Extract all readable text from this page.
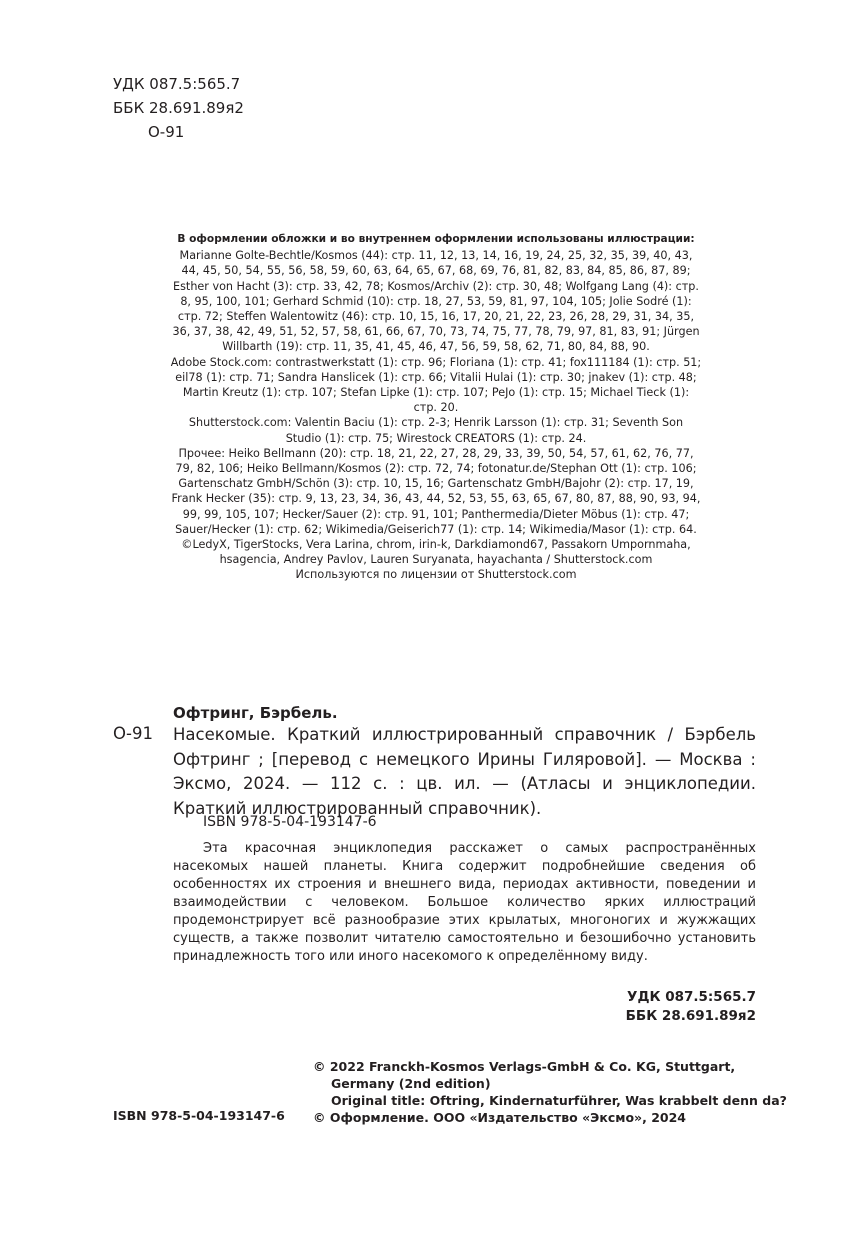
УДК 087.5:565.7
ББК 28.691.89я2
О-91
В оформлении обложки и во внутреннем оформлении использованы иллюстрации:

Marianne Golte-Bechtle/Kosmos (44): стр. 11, 12, 13, 14, 16, 19, 24, 25, 32, 35, 39, 40, 43, 44, 45, 50, 54, 55, 56, 58, 59, 60, 63, 64, 65, 67, 68, 69, 76, 81, 82, 83, 84, 85, 86, 87, 89; Esther von Hacht (3): стр. 33, 42, 78; Kosmos/Archiv (2): стр. 30, 48; Wolfgang Lang (4): стр. 8, 95, 100, 101; Gerhard Schmid (10): стр. 18, 27, 53, 59, 81, 97, 104, 105; Jolie Sodré (1): стр. 72; Steffen Walentowitz (46): стр. 10, 15, 16, 17, 20, 21, 22, 23, 26, 28, 29, 31, 34, 35, 36, 37, 38, 42, 49, 51, 52, 57, 58, 61, 66, 67, 70, 73, 74, 75, 77, 78, 79, 97, 81, 83, 91; Jürgen Willbarth (19): стр. 11, 35, 41, 45, 46, 47, 56, 59, 58, 62, 71, 80, 84, 88, 90.

Adobe Stock.com: contrastwerkstatt (1): стр. 96; Floriana (1): стр. 41; fox111184 (1): стр. 51; eil78 (1): стр. 71; Sandra Hanslicek (1): стр. 66; Vitalii Hulai (1): стр. 30; jnakev (1): стр. 48; Martin Kreutz (1): стр. 107; Stefan Lipke (1): стр. 107; PeJo (1): стр. 15; Michael Tieck (1): стр. 20.

Shutterstock.com: Valentin Baciu (1): стр. 2-3; Henrik Larsson (1): стр. 31; Seventh Son Studio (1): стр. 75; Wirestock CREATORS (1): стр. 24.

Прочее: Heiko Bellmann (20): стр. 18, 21, 22, 27, 28, 29, 33, 39, 50, 54, 57, 61, 62, 76, 77, 79, 82, 106; Heiko Bellmann/Kosmos (2): стр. 72, 74; fotonatur.de/Stephan Ott (1): стр. 106; Gartenschatz GmbH/Schön (3): стр. 10, 15, 16; Gartenschatz GmbH/Bajohr (2): стр. 17, 19, Frank Hecker (35): стр. 9, 13, 23, 34, 36, 43, 44, 52, 53, 55, 63, 65, 67, 80, 87, 88, 90, 93, 94, 99, 99, 105, 107; Hecker/Sauer (2): стр. 91, 101; Panthermedia/Dieter Möbus (1): стр. 47; Sauer/Hecker (1): стр. 62; Wikimedia/Geiserich77 (1): стр. 14; Wikimedia/Masor (1): стр. 64.

©LedyX, TigerStocks, Vera Larina, chrom, irin-k, Darkdiamond67, Passakorn Umpornmaha, hsagencia, Andrey Pavlov, Lauren Suryanata, hayachanta / Shutterstock.com

Используются по лицензии от Shutterstock.com

Офтринг, Бэрбель.
О-91 Насекомые. Краткий иллюстрированный справочник / Бэрбель Офтринг ; [перевод с немецкого Ирины Гиляровой]. — Москва : Эксмо, 2024. — 112 с. : цв. ил. — (Атласы и энциклопедии. Краткий иллюстрированный справочник).
ISBN 978-5-04-193147-6
Эта красочная энциклопедия расскажет о самых распространённых насекомых нашей планеты. Книга содержит подробнейшие сведения об особенностях их строения и внешнего вида, периодах активности, поведении и взаимодействии с человеком. Большое количество ярких иллюстраций продемонстрирует всё разнообразие этих крылатых, многоногих и жужжащих существ, а также позволит читателю самостоятельно и безошибочно установить принадлежность того или иного насекомого к определённому виду.
УДК 087.5:565.7
ББК 28.691.89я2
ISBN 978-5-04-193147-6
© 2022 Franckh-Kosmos Verlags-GmbH & Co. KG, Stuttgart,
Germany (2nd edition)
Original title: Oftring, Kindernaturführer, Was krabbelt denn da?
© Оформление. ООО «Издательство «Эксмо», 2024
